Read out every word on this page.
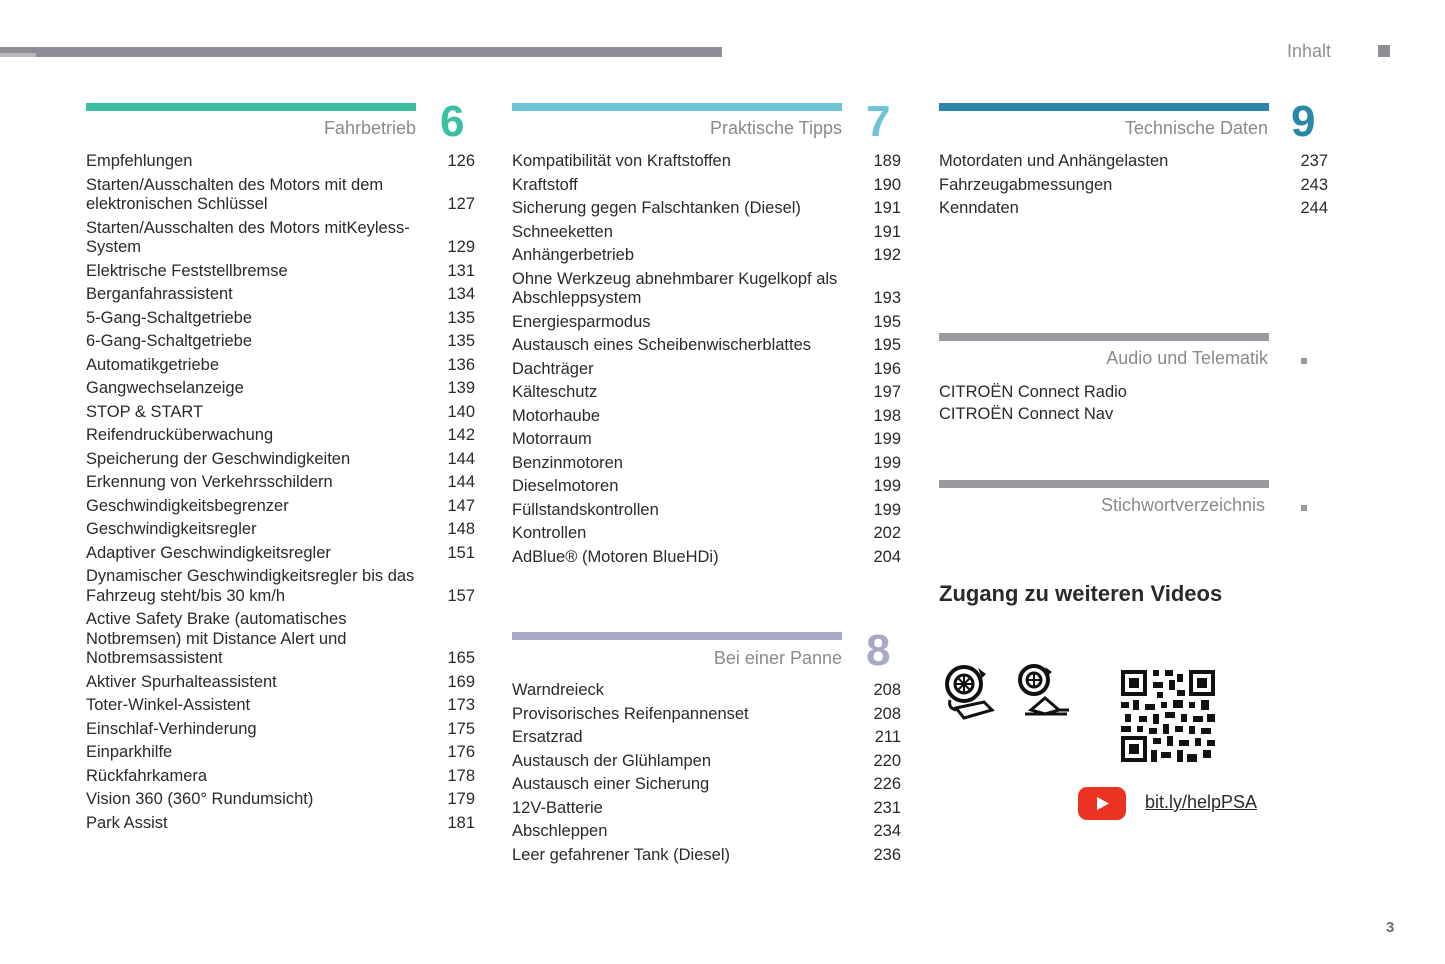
Inhalt
Fahrbetrieb 6
Empfehlungen	126
Starten/Ausschalten des Motors mit dem elektronischen Schlüssel	127
Starten/Ausschalten des Motors mitKeyless-System	129
Elektrische Feststellbremse	131
Berganfahrassistent	134
5-Gang-Schaltgetriebe	135
6-Gang-Schaltgetriebe	135
Automatikgetriebe	136
Gangwechselanzeige	139
STOP & START	140
Reifendrucküberwachung	142
Speicherung der Geschwindigkeiten	144
Erkennung von Verkehrsschildern	144
Geschwindigkeitsbegrenzer	147
Geschwindigkeitsregler	148
Adaptiver Geschwindigkeitsregler	151
Dynamischer Geschwindigkeitsregler bis das Fahrzeug steht/bis 30 km/h	157
Active Safety Brake (automatisches Notbremsen) mit Distance Alert und Notbremsassistent	165
Aktiver Spurhalteassistent	169
Toter-Winkel-Assistent	173
Einschlaf-Verhinderung	175
Einparkhilfe	176
Rückfahrkamera	178
Vision 360 (360° Rundumsicht)	179
Park Assist	181
Praktische Tipps 7
Kompatibilität von Kraftstoffen	189
Kraftstoff	190
Sicherung gegen Falschtanken (Diesel)	191
Schneeketten	191
Anhängerbetrieb	192
Ohne Werkzeug abnehmbarer Kugelkopf als Abschleppsystem	193
Energiesparmodus	195
Austausch eines Scheibenwischerblattes	195
Dachträger	196
Kälteschutz	197
Motorhaube	198
Motorraum	199
Benzinmotoren	199
Dieselmotoren	199
Füllstandskontrollen	199
Kontrollen	202
AdBlue® (Motoren BlueHDi)	204
Bei einer Panne 8
Warndreieck	208
Provisorisches Reifenpannenset	208
Ersatzrad	211
Austausch der Glühlampen	220
Austausch einer Sicherung	226
12V-Batterie	231
Abschleppen	234
Leer gefahrener Tank (Diesel)	236
Technische Daten 9
Motordaten und Anhängelasten	237
Fahrzeugabmessungen	243
Kenndaten	244
Audio und Telematik
CITROËN Connect Radio
CITROËN Connect Nav
Stichwortverzeichnis
Zugang zu weiteren Videos
bit.ly/helpPSA
3
